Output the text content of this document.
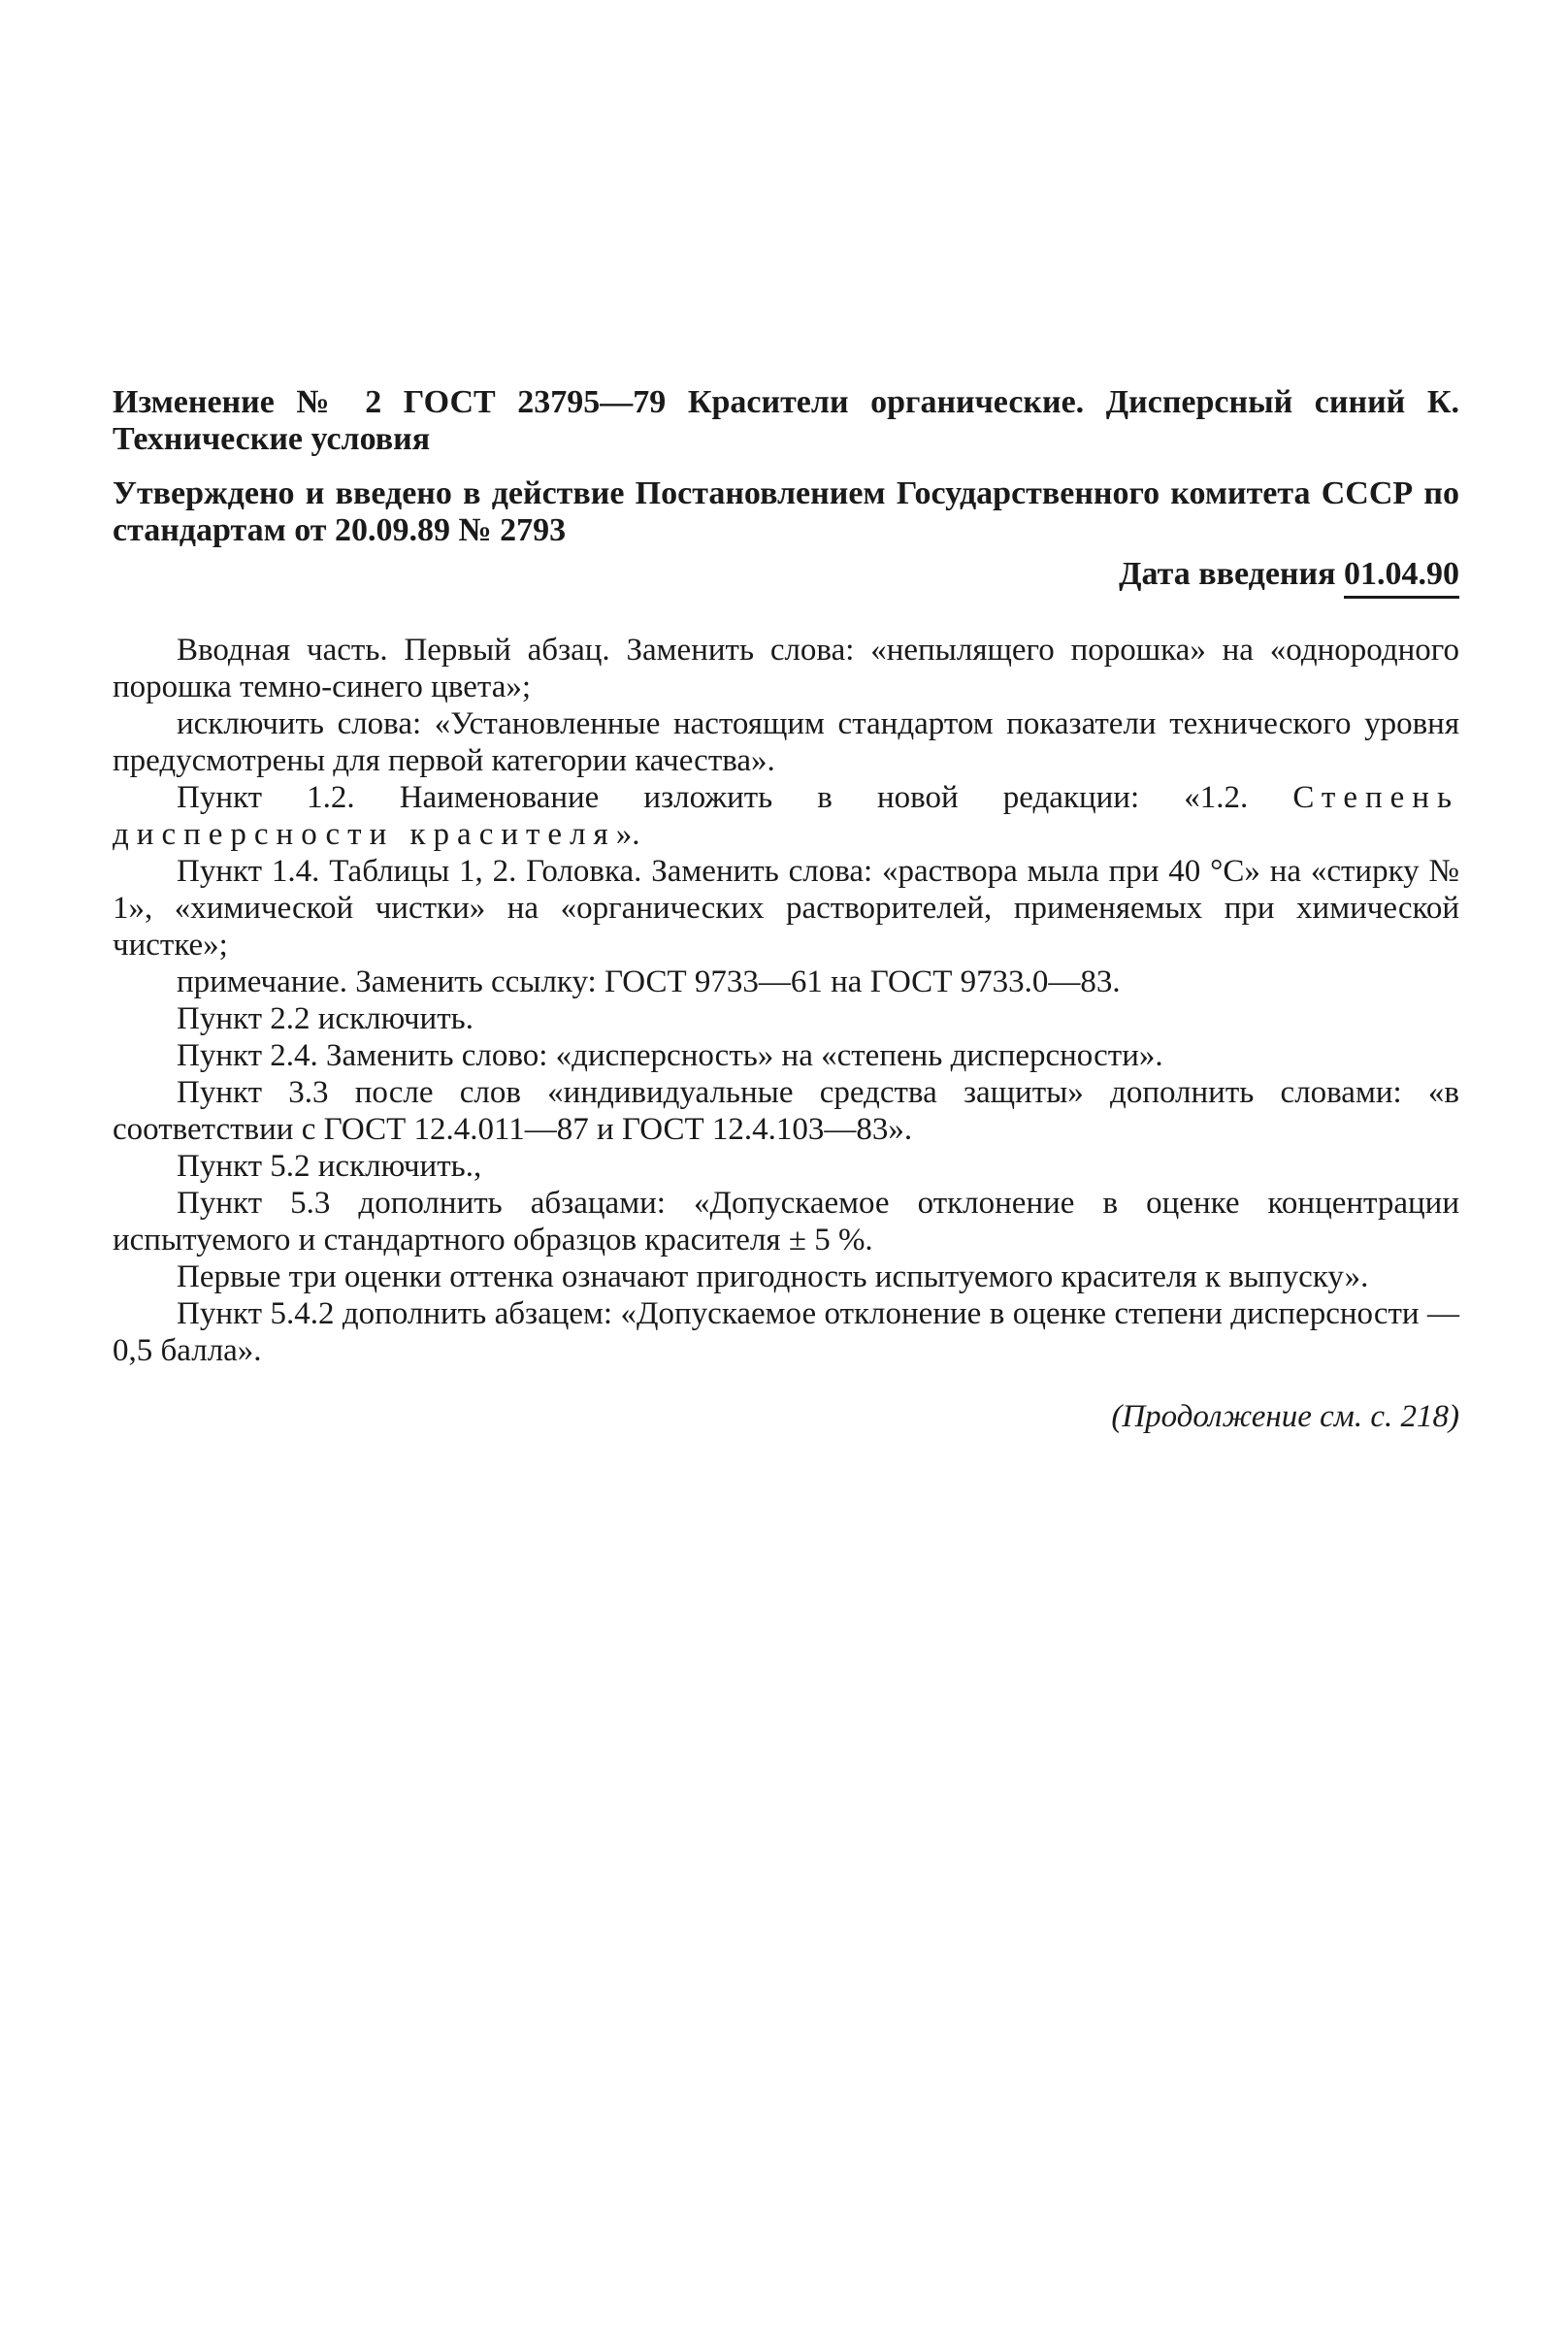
Изменение № 2 ГОСТ 23795—79 Красители органические. Дисперсный синий К. Технические условия

Утверждено и введено в действие Постановлением Государственного комитета СССР по стандартам от 20.09.89 № 2793

Дата введения 01.04.90

Вводная часть. Первый абзац. Заменить слова: «непылящего порошка» на «однородного порошка темно-синего цвета»;

исключить слова: «Установленные настоящим стандартом показатели технического уровня предусмотрены для первой категории качества».

Пункт 1.2. Наименование изложить в новой редакции: «1.2. Степень дисперсности красителя».

Пункт 1.4. Таблицы 1, 2. Головка. Заменить слова: «раствора мыла при 40 °С» на «стирку № 1», «химической чистки» на «органических растворителей, применяемых при химической чистке»;

примечание. Заменить ссылку: ГОСТ 9733—61 на ГОСТ 9733.0—83.

Пункт 2.2 исключить.

Пункт 2.4. Заменить слово: «дисперсность» на «степень дисперсности».

Пункт 3.3 после слов «индивидуальные средства защиты» дополнить словами: «в соответствии с ГОСТ 12.4.011—87 и ГОСТ 12.4.103—83».

Пункт 5.2 исключить.,

Пункт 5.3 дополнить абзацами: «Допускаемое отклонение в оценке концентрации испытуемого и стандартного образцов красителя ± 5 %.

Первые три оценки оттенка означают пригодность испытуемого красителя к выпуску».

Пункт 5.4.2 дополнить абзацем: «Допускаемое отклонение в оценке степени дисперсности — 0,5 балла».

(Продолжение см. с. 218)
